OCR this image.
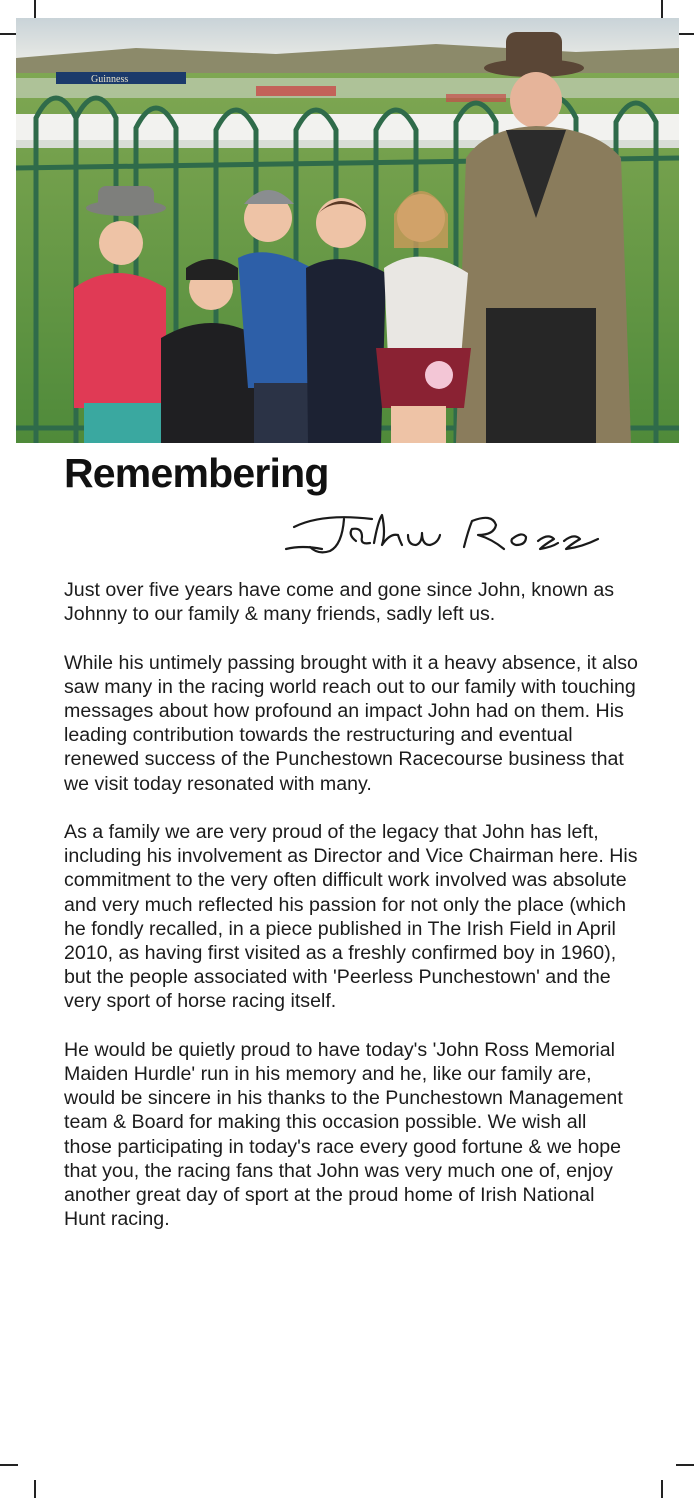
Guinness
Remembering

Just over five years have come and gone since John, known as Johnny to our family & many friends, sadly left us.

While his untimely passing brought with it a heavy absence, it also saw many in the racing world reach out to our family with touching messages about how profound an impact John had on them. His leading contribution towards the restructuring and eventual renewed success of the Punchestown Racecourse business that we visit today resonated with many.

As a family we are very proud of the legacy that John has left, including his involvement as Director and Vice Chairman here. His commitment to the very often difficult work involved was absolute and very much reflected his passion for not only the place (which he fondly recalled, in a piece published in The Irish Field in April 2010, as having first visited as a freshly confirmed boy in 1960), but the people associated with 'Peerless Punchestown' and the very sport of horse racing itself.

He would be quietly proud to have today's 'John Ross Memorial Maiden Hurdle' run in his memory and he, like our family are, would be sincere in his thanks to the Punchestown Management team & Board for making this occasion possible. We wish all those participating in today's race every good fortune & we hope that you, the racing fans that John was very much one of, enjoy another great day of sport at the proud home of Irish National Hunt racing.
